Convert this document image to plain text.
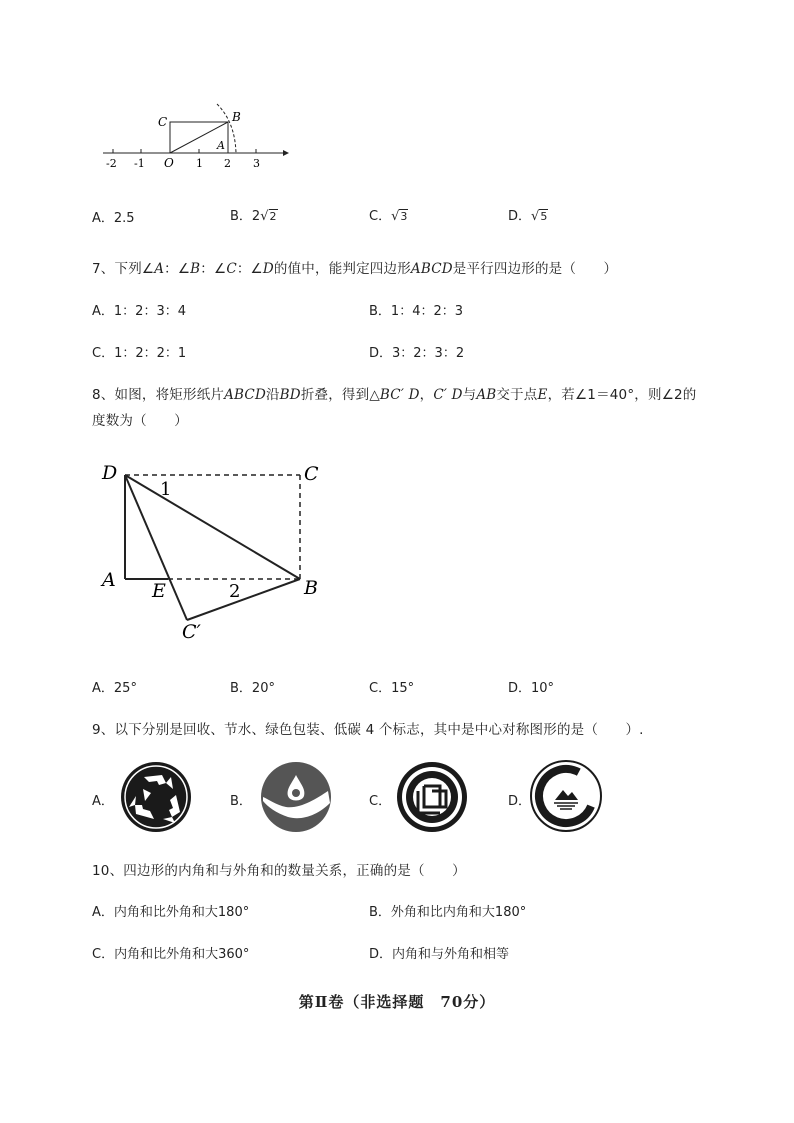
C	B
A
O
-2 -1	1 2 3
A．2.5	B．2√2	C．√3	D．√5
7、下列∠A：∠B：∠C：∠D的值中，能判定四边形ABCD是平行四边形的是（　　）
A．1：2：3：4	B．1：4：2：3
C．1：2：2：1	D．3：2：3：2
8、如图，将矩形纸片ABCD沿BD折叠，得到△BC′ D，C′ D与AB交于点E，若∠1＝40°，则∠2的
度数为（　　）
D	C
A E	B
C′
1
2
A．25°	B．20°	C．15°	D．10°
9、以下分别是回收、节水、绿色包装、低碳 4 个标志，其中是中心对称图形的是（　　）.
A．	B．	C．	D．
10、四边形的内角和与外角和的数量关系，正确的是（　　）
A．内角和比外角和大180°	B．外角和比内角和大180°
C．内角和比外角和大360°	D．内角和与外角和相等
第Ⅱ卷（非选择题　70分）
